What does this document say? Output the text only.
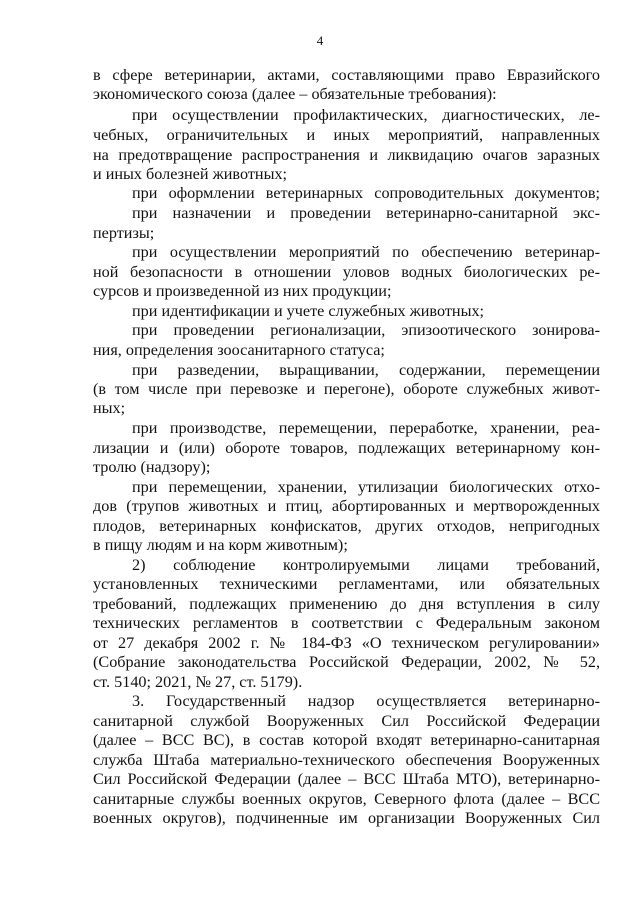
4
в сфере ветеринарии, актами, составляющими право Евразийского
экономического союза (далее – обязательные требования):
при осуществлении профилактических, диагностических, ле-
чебных, ограничительных и иных мероприятий, направленных
на предотвращение распространения и ликвидацию очагов заразных
и иных болезней животных;
при оформлении ветеринарных сопроводительных документов;
при назначении и проведении ветеринарно-санитарной экс-
пертизы;
при осуществлении мероприятий по обеспечению ветеринар-
ной безопасности в отношении уловов водных биологических ре-
сурсов и произведенной из них продукции;
при идентификации и учете служебных животных;
при проведении регионализации, эпизоотического зонирова-
ния, определения зоосанитарного статуса;
при разведении, выращивании, содержании, перемещении
(в том числе при перевозке и перегоне), обороте служебных живот-
ных;
при производстве, перемещении, переработке, хранении, реа-
лизации и (или) обороте товаров, подлежащих ветеринарному кон-
тролю (надзору);
при перемещении, хранении, утилизации биологических отхо-
дов (трупов животных и птиц, абортированных и мертворожденных
плодов, ветеринарных конфискатов, других отходов, непригодных
в пищу людям и на корм животным);
2) соблюдение контролируемыми лицами требований,
установленных техническими регламентами, или обязательных
требований, подлежащих применению до дня вступления в силу
технических регламентов в соответствии с Федеральным законом
от 27 декабря 2002 г. № 184-ФЗ «О техническом регулировании»
(Собрание законодательства Российской Федерации, 2002, № 52,
ст. 5140; 2021, № 27, ст. 5179).
3. Государственный надзор осуществляется ветеринарно-
санитарной службой Вооруженных Сил Российской Федерации
(далее – ВСС ВС), в состав которой входят ветеринарно-санитарная
служба Штаба материально-технического обеспечения Вооруженных
Сил Российской Федерации (далее – ВСС Штаба МТО), ветеринарно-
санитарные службы военных округов, Северного флота (далее – ВСС
военных округов), подчиненные им организации Вооруженных Сил
